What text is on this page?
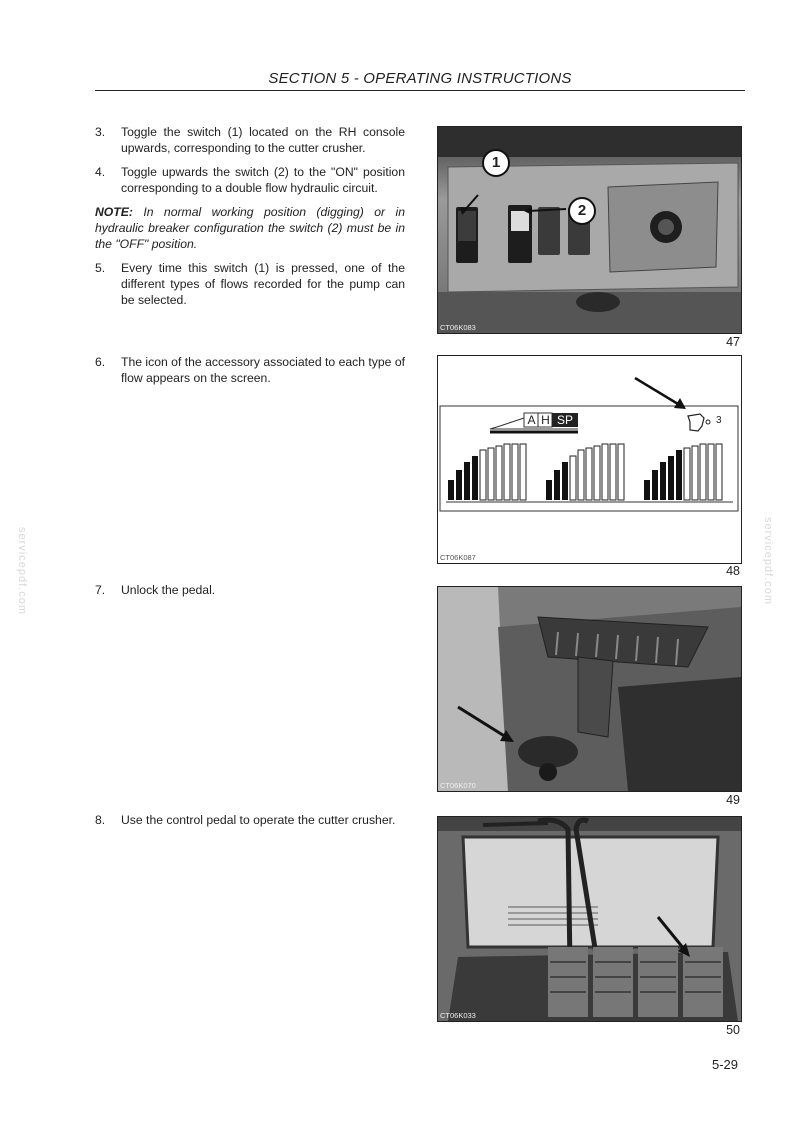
SECTION 5 - OPERATING INSTRUCTIONS
servicepdf.com	servicepdf.com
3.	Toggle the switch (1) located on the RH console upwards, corresponding to the cutter crusher.
4.	Toggle upwards the switch (2) to the "ON" position corresponding to a double flow hydraulic circuit.
NOTE: In normal working position (digging) or in hydraulic breaker configuration the switch (2) must be in the "OFF" position.
5.	Every time this switch (1) is pressed, one of the different types of flows recorded for the pump can be selected.
6.	The icon of the accessory associated to each type of flow appears on the screen.
7.	Unlock the pedal.
8.	Use the control pedal to operate the cutter crusher.
1
2
CT06K083
47
A H SP	3
CT06K087
48
CT06K070
49
CT06K033
50
5-29
